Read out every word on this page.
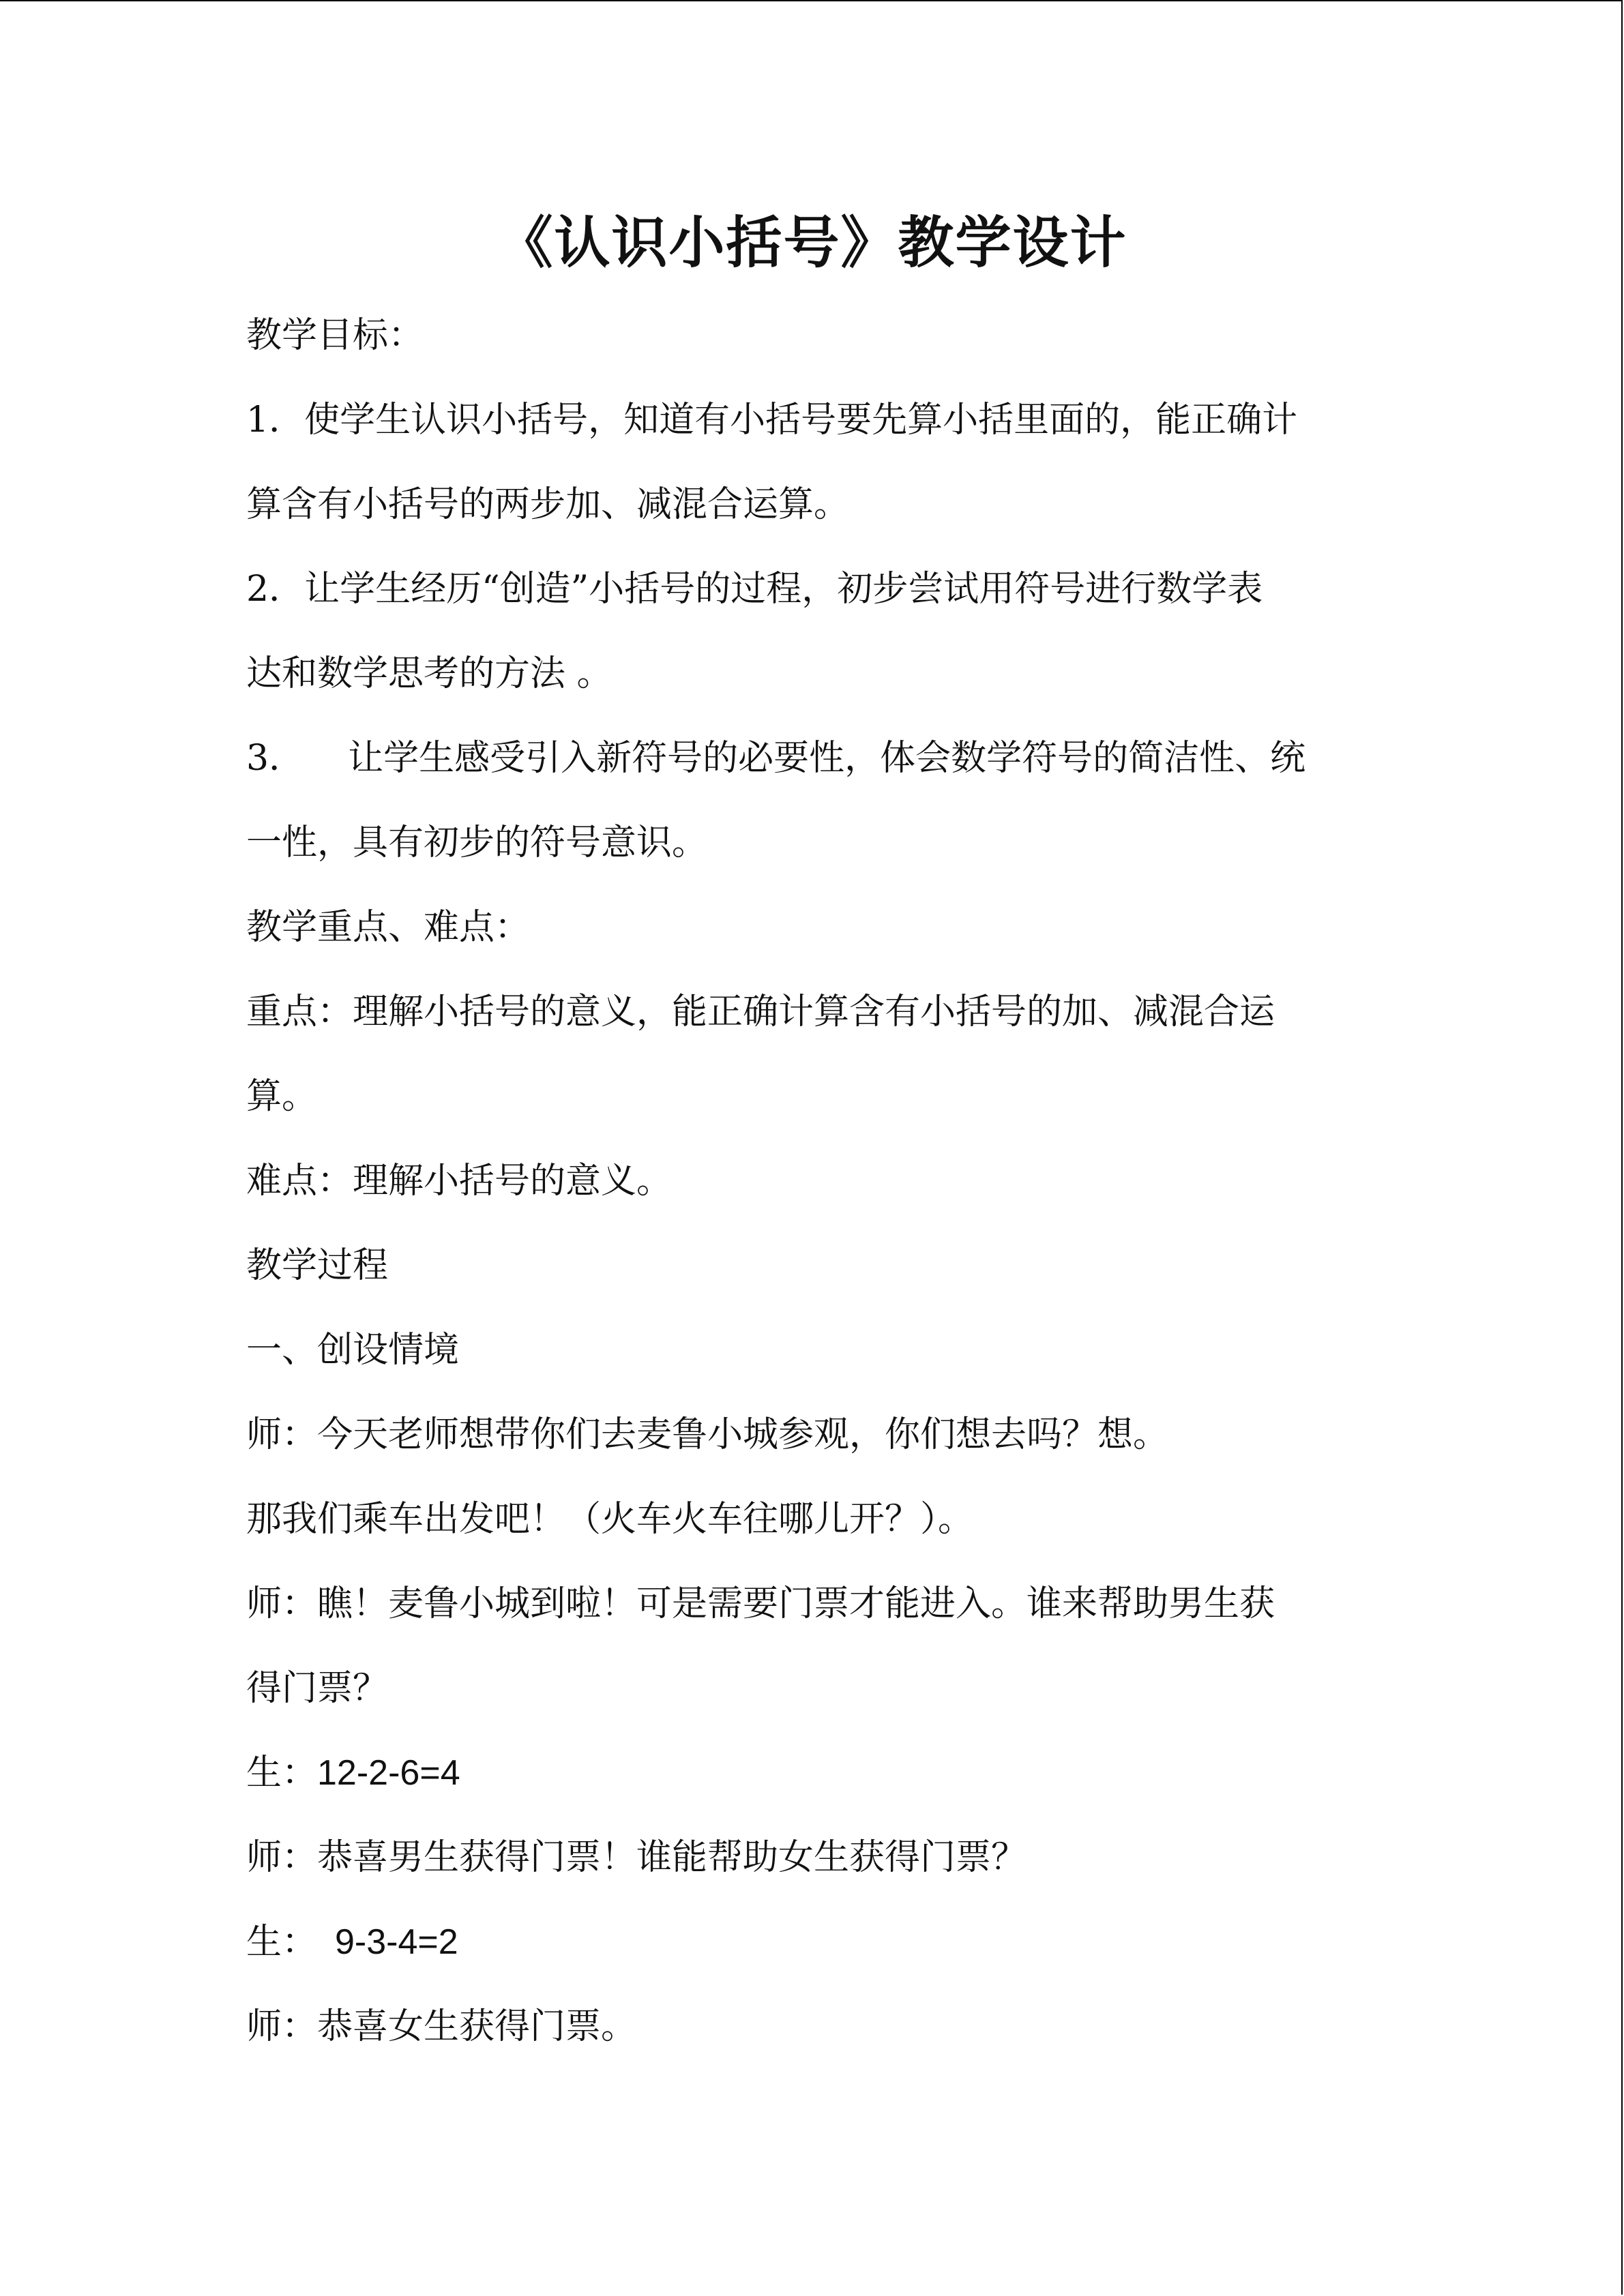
《认识小括号》教学设计
教学目标：
1．使学生认识小括号，知道有小括号要先算小括里面的，能正确计
算含有小括号的两步加、减混合运算。
2．让学生经历“创造”小括号的过程，初步尝试用符号进行数学表
达和数学思考的方法 。
3． 让学生感受引入新符号的必要性，体会数学符号的简洁性、统
一性，具有初步的符号意识。
教学重点、难点：
重点：理解小括号的意义，能正确计算含有小括号的加、减混合运
算。
难点：理解小括号的意义。
教学过程
一、创设情境
师：今天老师想带你们去麦鲁小城参观，你们想去吗？想。
那我们乘车出发吧！（火车火车往哪儿开？）。
师：瞧！麦鲁小城到啦！可是需要门票才能进入。谁来帮助男生获
得门票？
生：12-2-6=4
师：恭喜男生获得门票！谁能帮助女生获得门票？
生： 9-3-4=2
师：恭喜女生获得门票。
